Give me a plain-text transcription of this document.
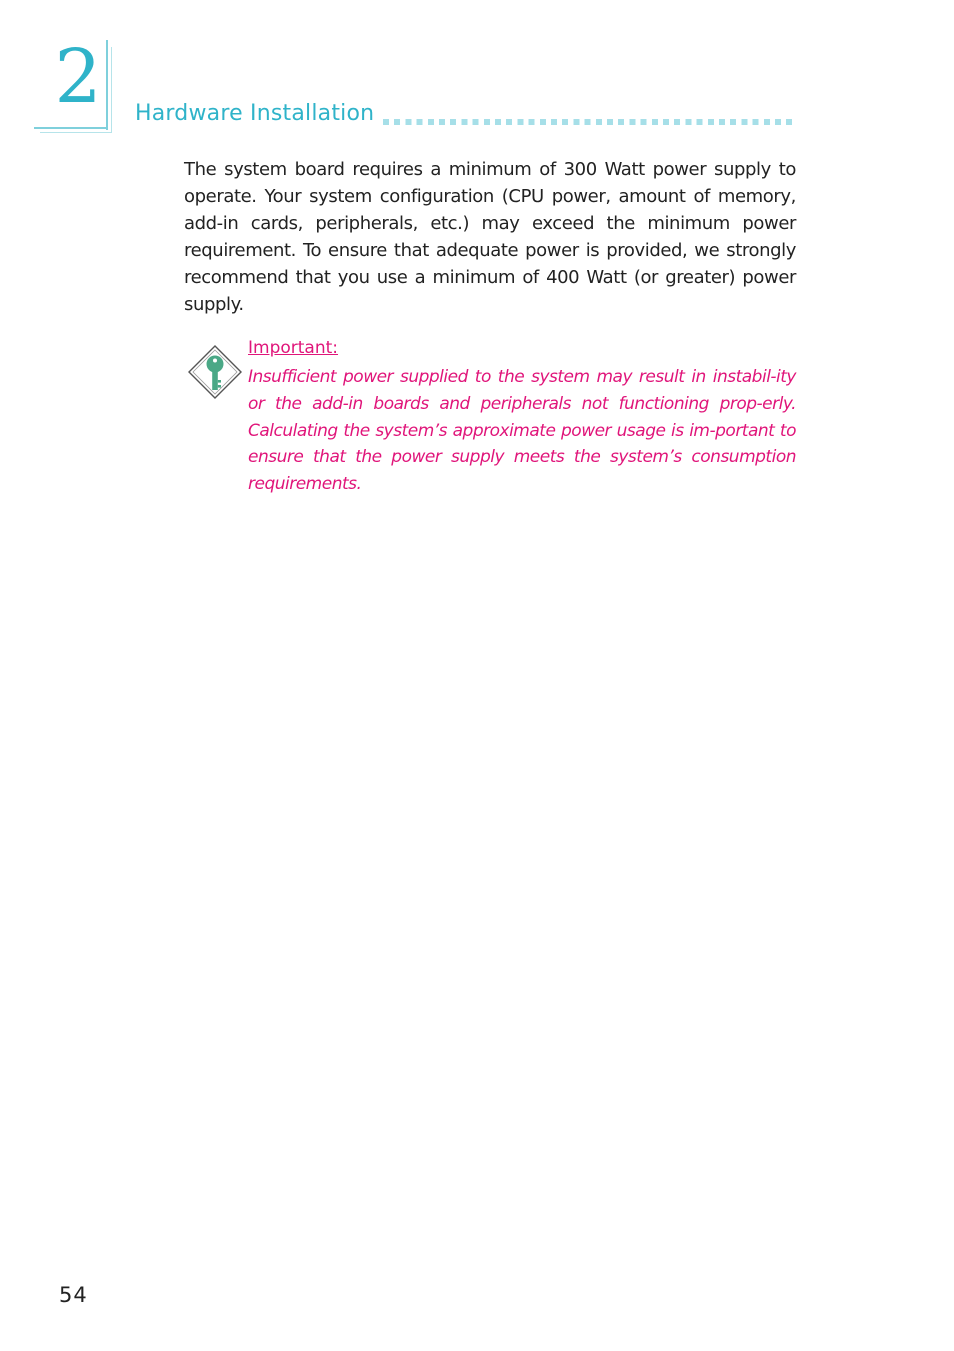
2 Hardware Installation

The system board requires a minimum of 300 Watt power supply to operate. Your system configuration (CPU power, amount of memory, add-in cards, peripherals, etc.) may exceed the minimum power requirement. To ensure that adequate power is provided, we strongly recommend that you use a minimum of 400 Watt (or greater) power supply.

Important:

Insufficient power supplied to the system may result in instabil-ity or the add-in boards and peripherals not functioning prop-erly. Calculating the system’s approximate power usage is im-portant to ensure that the power supply meets the system’s consumption requirements.

54
